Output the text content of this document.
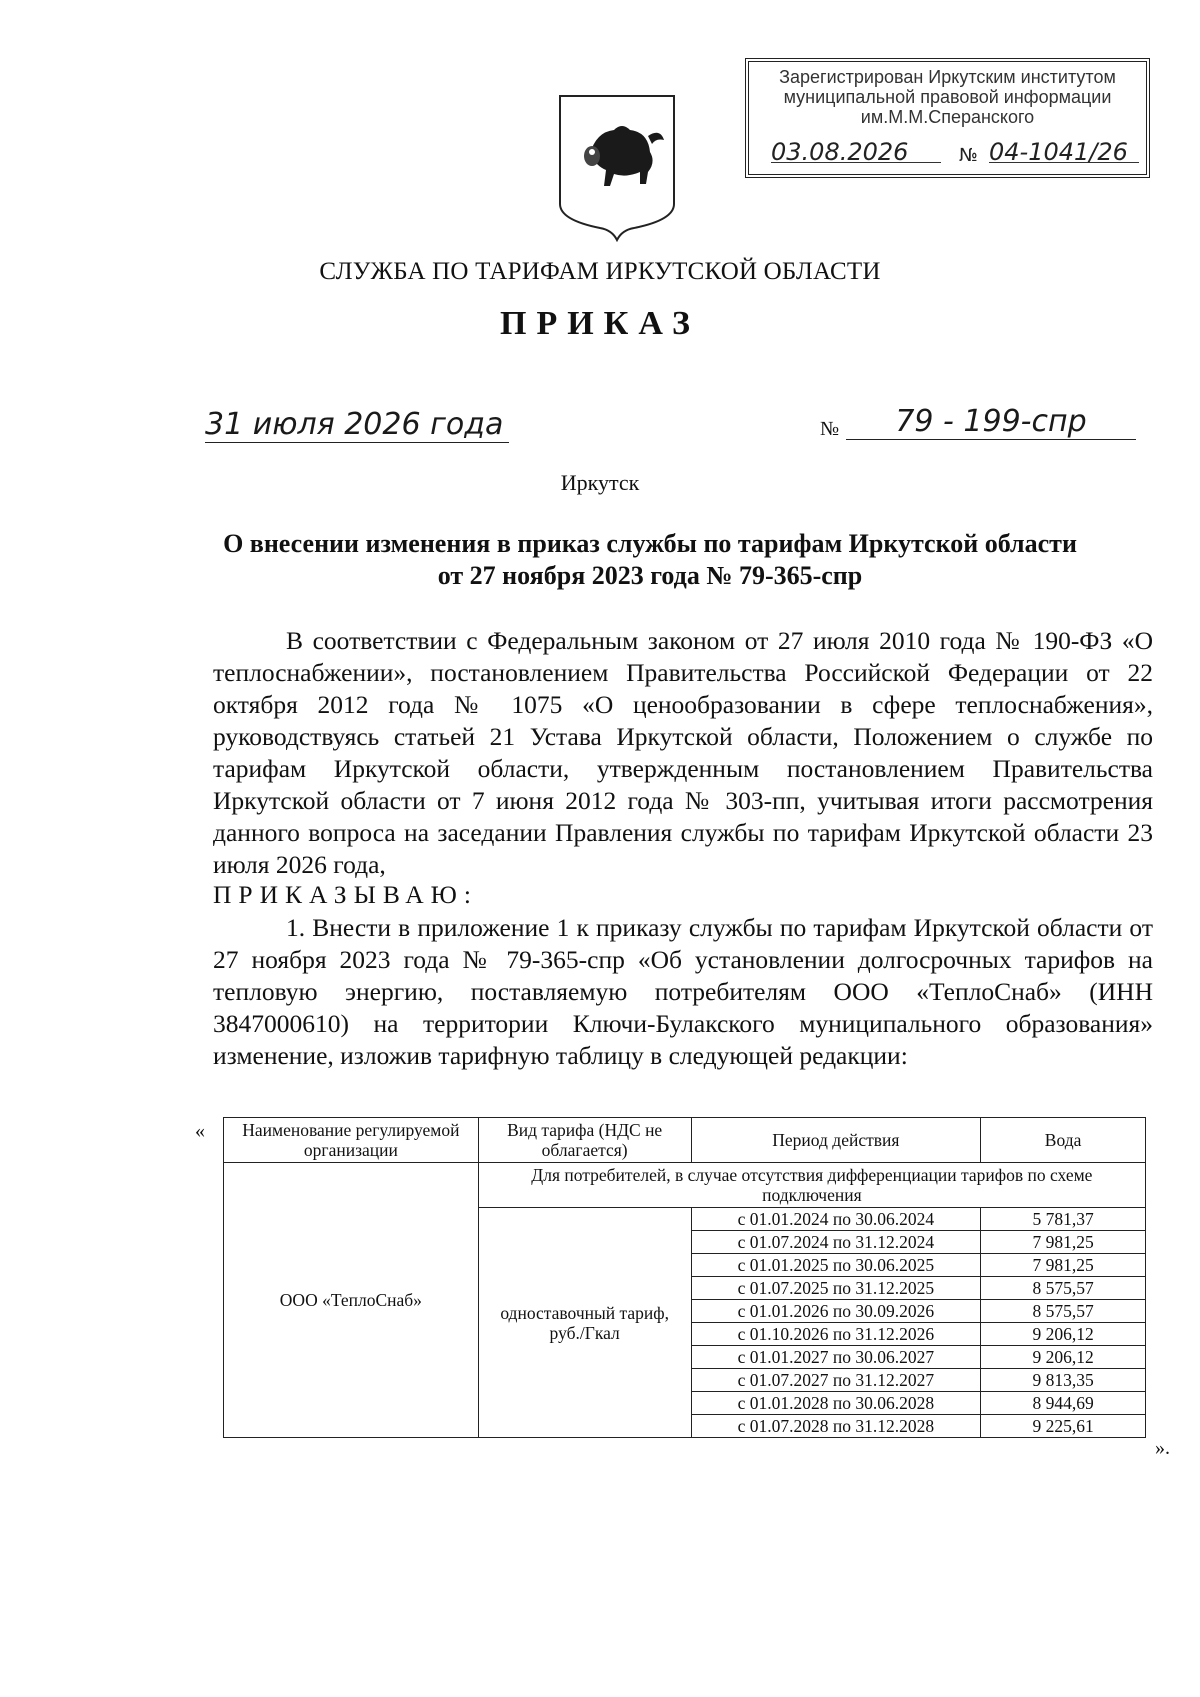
Зарегистрирован Иркутским институтом
муниципальной правовой информации
им.М.М.Сперанского
03.08.2026	№ 04-1041/26
СЛУЖБА ПО ТАРИФАМ ИРКУТСКОЙ ОБЛАСТИ
ПРИКАЗ
31 июля 2026 года	№	79 - 199-спр
Иркутск
О внесении изменения в приказ службы по тарифам Иркутской области
от 27 ноября 2023 года № 79-365-спр
В соответствии с Федеральным законом от 27 июля 2010 года № 190-ФЗ «О теплоснабжении», постановлением Правительства Российской Федерации от 22 октября 2012 года № 1075 «О ценообразовании в сфере теплоснабжения», руководствуясь статьей 21 Устава Иркутской области, Положением о службе по тарифам Иркутской области, утвержденным постановлением Правительства Иркутской области от 7 июня 2012 года № 303-пп, учитывая итоги рассмотрения данного вопроса на заседании Правления службы по тарифам Иркутской области 23 июля 2026 года,
ПРИКАЗЫВАЮ:
1. Внести в приложение 1 к приказу службы по тарифам Иркутской области от 27 ноября 2023 года № 79-365-спр «Об установлении долгосрочных тарифов на тепловую энергию, поставляемую потребителям ООО «ТеплоСнаб» (ИНН 3847000610) на территории Ключи-Булакского муниципального образования» изменение, изложив тарифную таблицу в следующей редакции:
« Наименование регулируемой организации	Вид тарифа (НДС не облагается)	Период действия	Вода
ООО «ТеплоСнаб»	Для потребителей, в случае отсутствия дифференциации тарифов по схеме подключения		
	одноставочный тариф, руб./Гкал	с 01.01.2024 по 30.06.2024	5 781,37
		с 01.07.2024 по 31.12.2024	7 981,25
		с 01.01.2025 по 30.06.2025	7 981,25
		с 01.07.2025 по 31.12.2025	8 575,57
		с 01.01.2026 по 30.09.2026	8 575,57
		с 01.10.2026 по 31.12.2026	9 206,12
		с 01.01.2027 по 30.06.2027	9 206,12
		с 01.07.2027 по 31.12.2027	9 813,35
		с 01.01.2028 по 30.06.2028	8 944,69
		с 01.07.2028 по 31.12.2028	9 225,61
».
